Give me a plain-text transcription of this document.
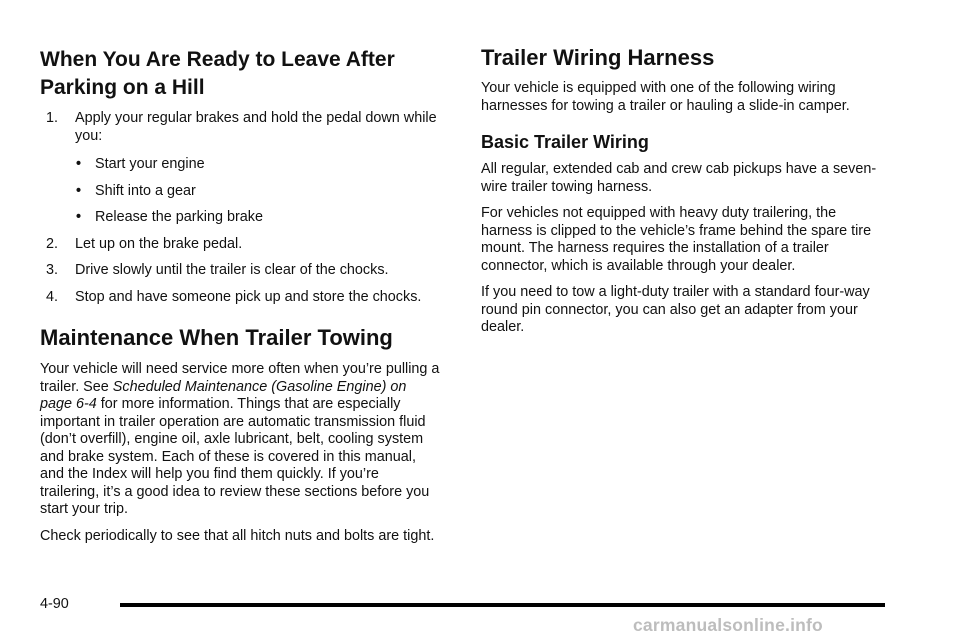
When You Are Ready to Leave After Parking on a Hill
1. Apply your regular brakes and hold the pedal down while you:
• Start your engine
• Shift into a gear
• Release the parking brake
2. Let up on the brake pedal.
3. Drive slowly until the trailer is clear of the chocks.
4. Stop and have someone pick up and store the chocks.
Maintenance When Trailer Towing

Your vehicle will need service more often when you’re pulling a trailer. See Scheduled Maintenance (Gasoline Engine) on page 6-4 for more information. Things that are especially important in trailer operation are automatic transmission fluid (don’t overfill), engine oil, axle lubricant, belt, cooling system and brake system. Each of these is covered in this manual, and the Index will help you find them quickly. If you’re trailering, it’s a good idea to review these sections before you start your trip.

Check periodically to see that all hitch nuts and bolts are tight.

Trailer Wiring Harness

Your vehicle is equipped with one of the following wiring harnesses for towing a trailer or hauling a slide-in camper.

Basic Trailer Wiring

All regular, extended cab and crew cab pickups have a seven-wire trailer towing harness.

For vehicles not equipped with heavy duty trailering, the harness is clipped to the vehicle’s frame behind the spare tire mount. The harness requires the installation of a trailer connector, which is available through your dealer.

If you need to tow a light-duty trailer with a standard four-way round pin connector, you can also get an adapter from your dealer.

4-90
carmanualsonline.info
